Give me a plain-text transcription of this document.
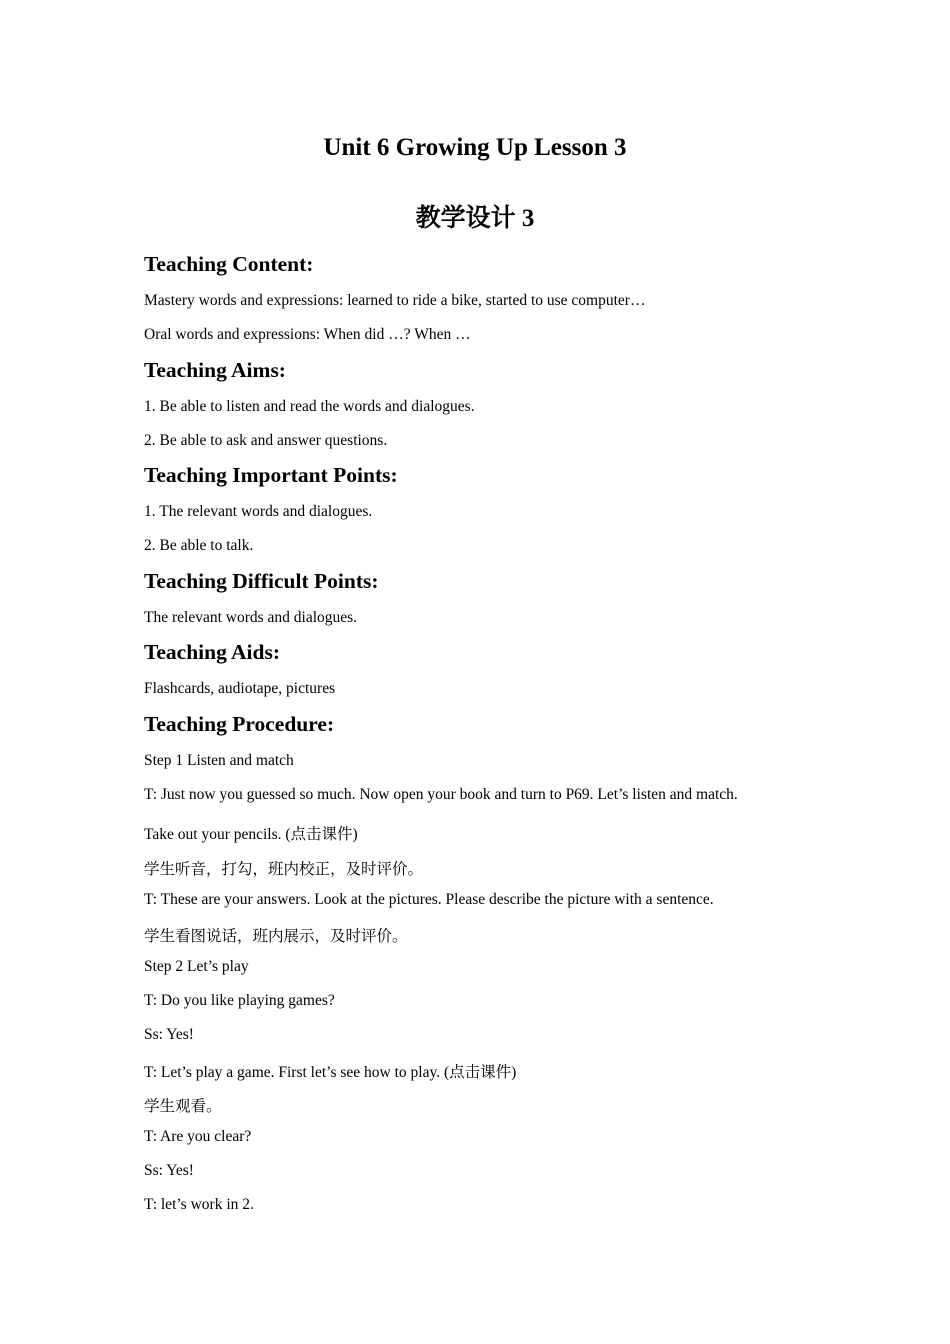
Unit 6 Growing Up Lesson 3
教学设计 3
Teaching Content:

Mastery words and expressions: learned to ride a bike, started to use computer…

Oral words and expressions: When did …? When …

Teaching Aims:

1. Be able to listen and read the words and dialogues.

2. Be able to ask and answer questions.

Teaching Important Points:

1. The relevant words and dialogues.

2. Be able to talk.

Teaching Difficult Points:

The relevant words and dialogues.

Teaching Aids:

Flashcards, audiotape, pictures

Teaching Procedure:

Step 1 Listen and match

T: Just now you guessed so much. Now open your book and turn to P69. Let’s listen and match.

Take out your pencils. (点击课件)

学生听音，打勾，班内校正，及时评价。

T: These are your answers. Look at the pictures. Please describe the picture with a sentence.

学生看图说话，班内展示，及时评价。

Step 2 Let’s play

T: Do you like playing games?

Ss: Yes!

T: Let’s play a game. First let’s see how to play. (点击课件)

学生观看。

T: Are you clear?

Ss: Yes!

T: let’s work in 2.
